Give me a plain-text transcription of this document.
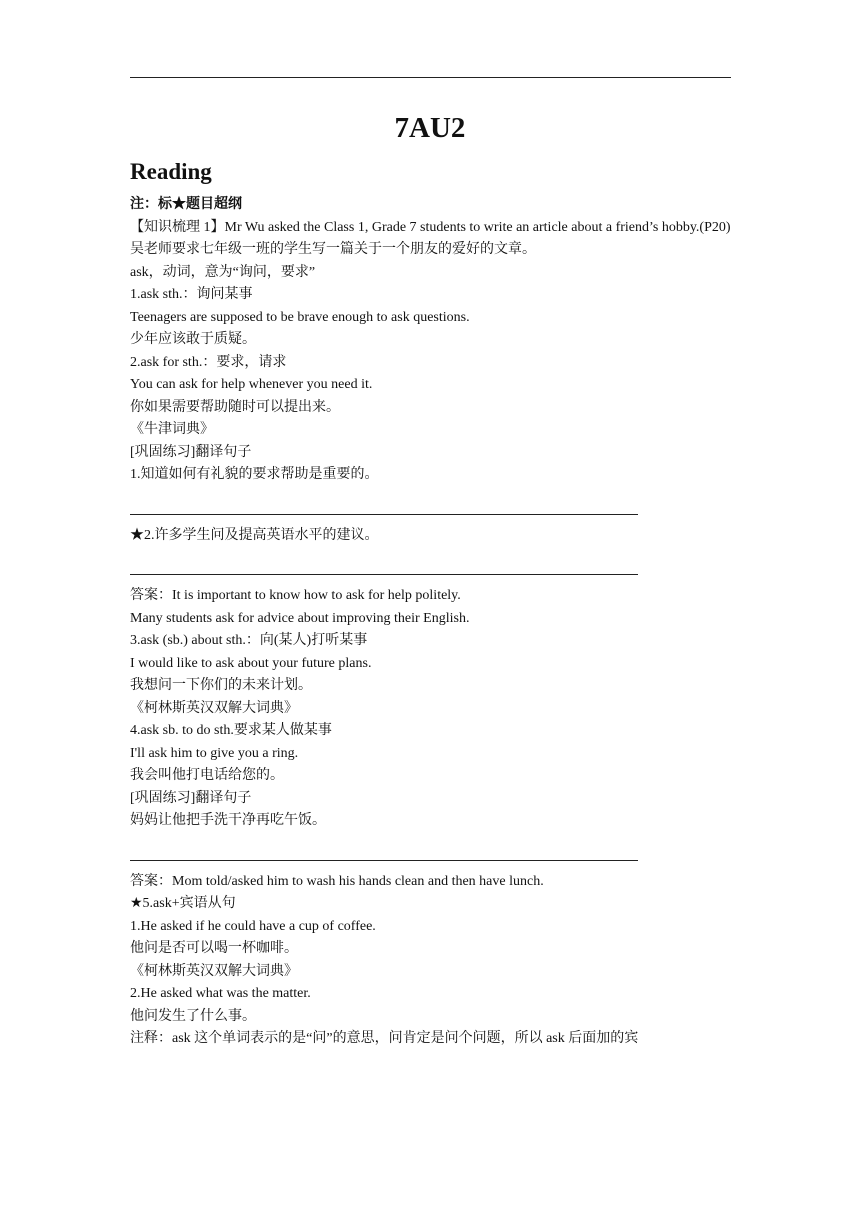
7AU2
Reading
注：标★题目超纲
【知识梳理 1】Mr Wu asked the Class 1, Grade 7 students to write an article about a friend’s hobby.(P20)
吴老师要求七年级一班的学生写一篇关于一个朋友的爱好的文章。
ask，动词，意为“询问，要求”
1.ask sth.：询问某事
Teenagers are supposed to be brave enough to ask questions.
少年应该敢于质疑。
2.ask for sth.：要求，请求
You can ask for help whenever you need it.
你如果需要帮助随时可以提出来。
《牛津词典》
[巩固练习]翻译句子
1.知道如何有礼貌的要求帮助是重要的。
★2.许多学生问及提高英语水平的建议。
答案：It is important to know how to ask for help politely.
Many students ask for advice about improving their English.
3.ask (sb.) about sth.：向(某人)打听某事
I would like to ask about your future plans.
我想问一下你们的未来计划。
《柯林斯英汉双解大词典》
4.ask sb. to do sth.要求某人做某事
I'll ask him to give you a ring.
我会叫他打电话给您的。
[巩固练习]翻译句子
妈妈让他把手洗干净再吃午饭。
答案：Mom told/asked him to wash his hands clean and then have lunch.
★5.ask+宾语从句
1.He asked if he could have a cup of coffee.
他问是否可以喝一杯咖啡。
《柯林斯英汉双解大词典》
2.He asked what was the matter.
他问发生了什么事。
注释：ask 这个单词表示的是“问”的意思，问肯定是问个问题，所以 ask 后面加的宾
